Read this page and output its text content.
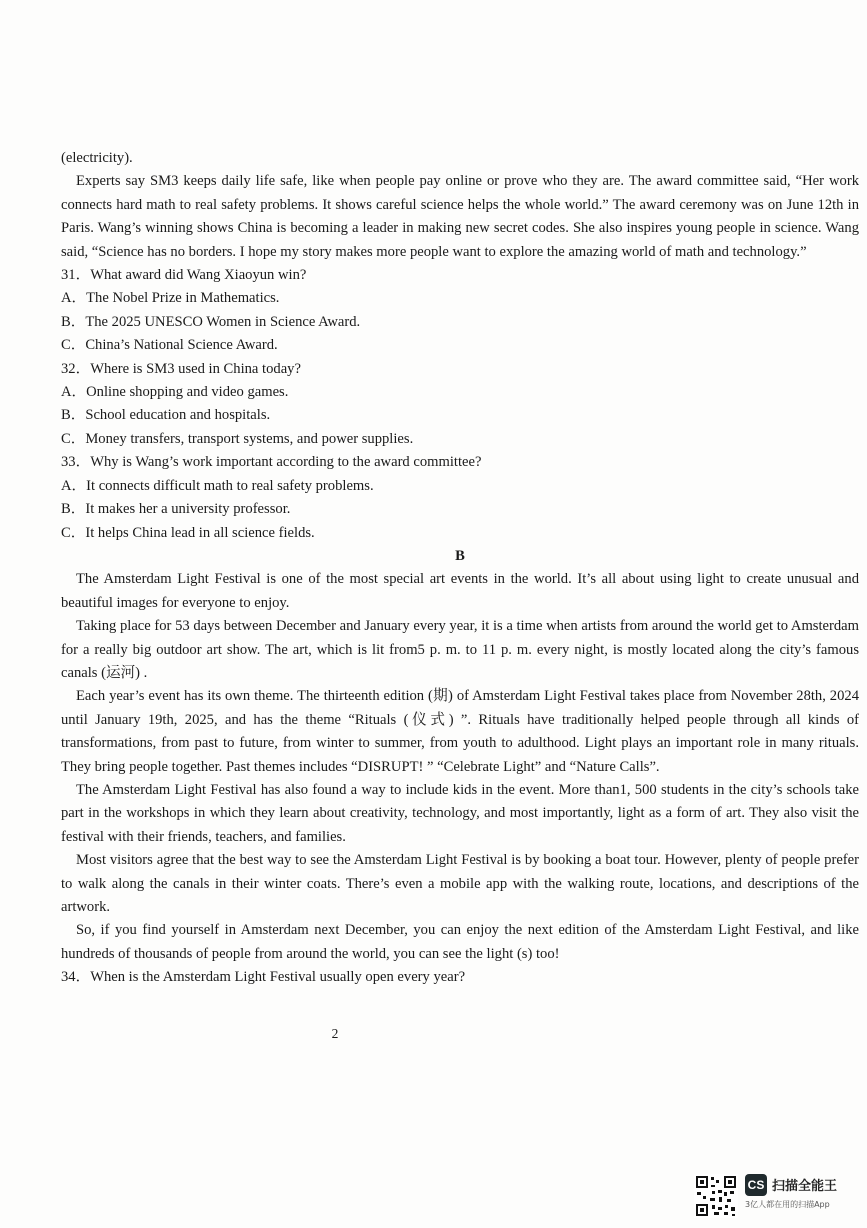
(electricity).

Experts say SM3 keeps daily life safe, like when people pay online or prove who they are. The award committee said, “Her work connects hard math to real safety problems. It shows careful science helps the whole world.” The award ceremony was on June 12th in Paris. Wang’s winning shows China is becoming a leader in making new secret codes. She also inspires young people in science. Wang said, “Science has no borders. I hope my story makes more people want to explore the amazing world of math and technology.”

31．What award did Wang Xiaoyun win?

A．The Nobel Prize in Mathematics.

B．The 2025 UNESCO Women in Science Award.

C．China’s National Science Award.

32．Where is SM3 used in China today?

A．Online shopping and video games.

B．School education and hospitals.

C．Money transfers, transport systems, and power supplies.

33．Why is Wang’s work important according to the award committee?

A．It connects difficult math to real safety problems.

B．It makes her a university professor.

C．It helps China lead in all science fields.

B

The Amsterdam Light Festival is one of the most special art events in the world. It’s all about using light to create unusual and beautiful images for everyone to enjoy.

Taking place for 53 days between December and January every year, it is a time when artists from around the world get to Amsterdam for a really big outdoor art show. The art, which is lit from5 p. m. to 11 p. m. every night, is mostly located along the city’s famous canals (运河) .

Each year’s event has its own theme. The thirteenth edition (期) of Amsterdam Light Festival takes place from November 28th, 2024 until January 19th, 2025, and has the theme “Rituals (仪式) ”. Rituals have traditionally helped people through all kinds of transformations, from past to future, from winter to summer, from youth to adulthood. Light plays an important role in many rituals. They bring people together. Past themes includes “DISRUPT! ” “Celebrate Light” and “Nature Calls”.

The Amsterdam Light Festival has also found a way to include kids in the event. More than1, 500 students in the city’s schools take part in the workshops in which they learn about creativity, technology, and most importantly, light as a form of art. They also visit the festival with their friends, teachers, and families.

Most visitors agree that the best way to see the Amsterdam Light Festival is by booking a boat tour. However, plenty of people prefer to walk along the canals in their winter coats. There’s even a mobile app with the walking route, locations, and descriptions of the artwork.

So, if you find yourself in Amsterdam next December, you can enjoy the next edition of the Amsterdam Light Festival, and like hundreds of thousands of people from around the world, you can see the light (s) too!

34．When is the Amsterdam Light Festival usually open every year?

2
CS 扫描全能王
3亿人都在用的扫描App
